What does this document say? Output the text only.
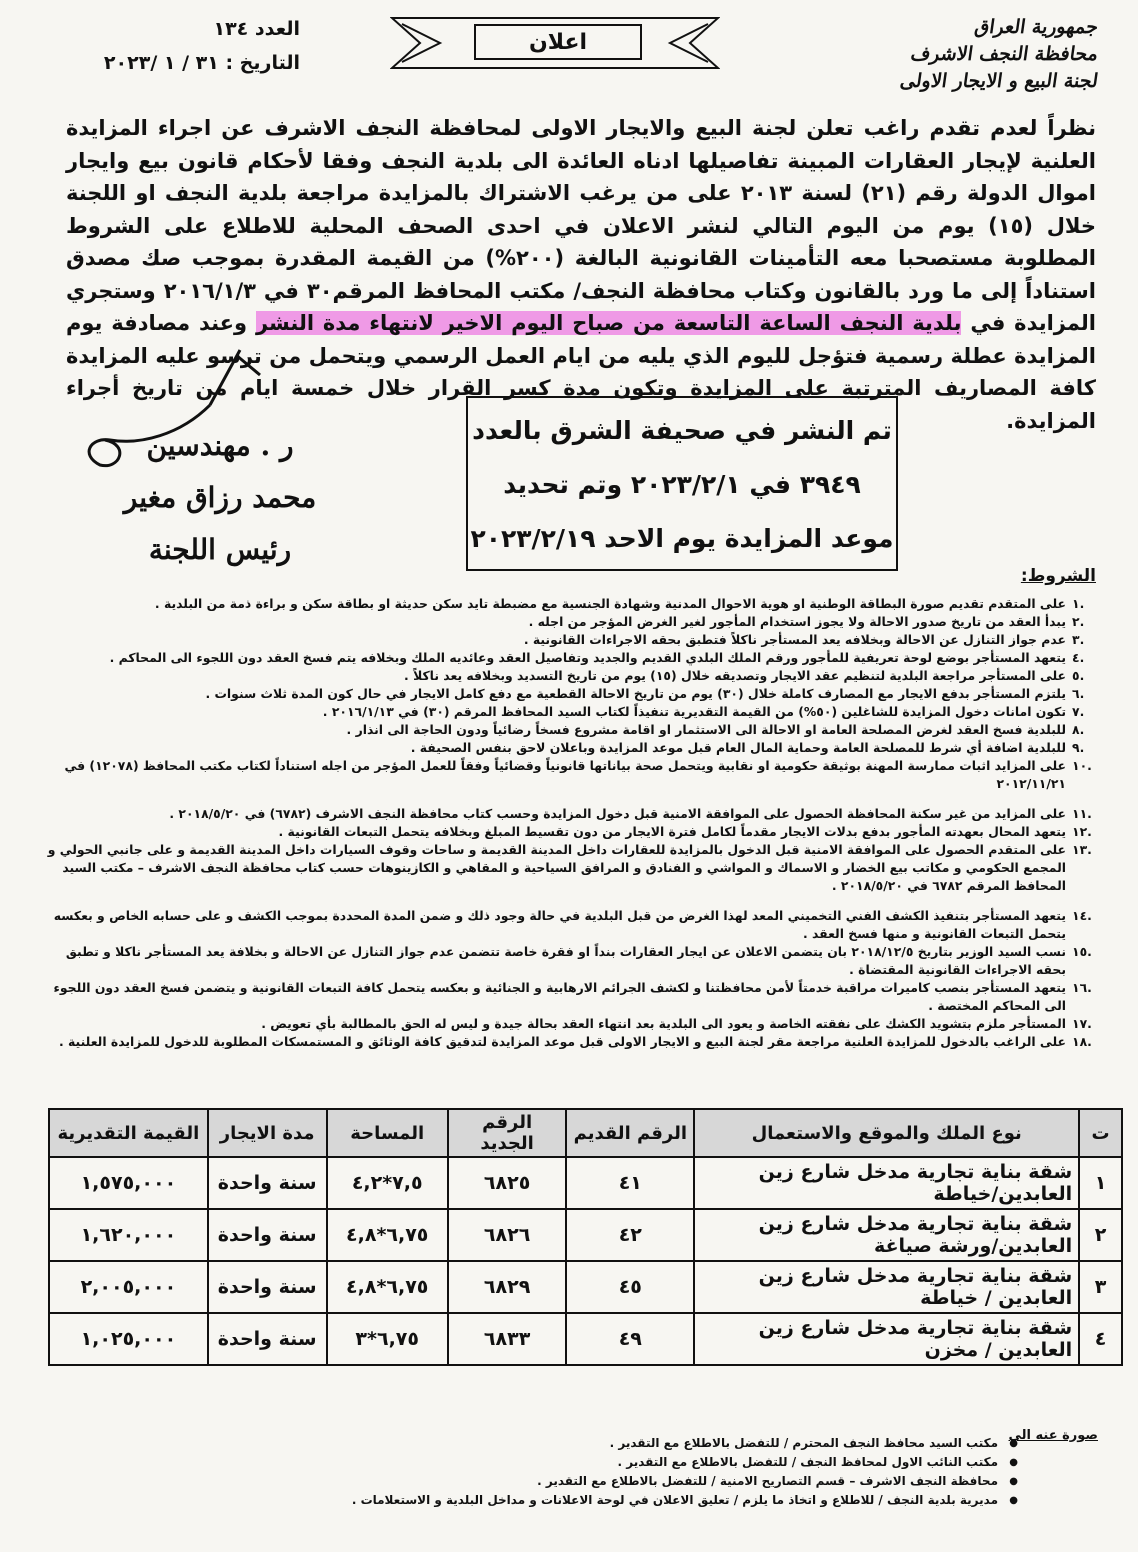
جمهورية العراق
محافظة النجف الاشرف
لجنة البيع و الايجار الاولى
العدد ١٣٤
التاريخ : ٣١ / ١ /٢٠٢٣
اعلان
نظراً لعدم تقدم راغب تعلن لجنة البيع والايجار الاولى لمحافظة النجف الاشرف عن اجراء المزايدة العلنية لإيجار العقارات المبينة تفاصيلها ادناه العائدة الى بلدية النجف وفقا لأحكام قانون بيع وايجار اموال الدولة رقم (٢١) لسنة ٢٠١٣ على من يرغب الاشتراك بالمزايدة مراجعة بلدية النجف او اللجنة خلال (١٥) يوم من اليوم التالي لنشر الاعلان في احدى الصحف المحلية للاطلاع على الشروط المطلوبة مستصحبا معه التأمينات القانونية البالغة (٢٠٠%) من القيمة المقدرة بموجب صك مصدق استناداً إلى ما ورد بالقانون وكتاب محافظة النجف/ مكتب المحافظ المرقم٣٠ في ٢٠١٦/١/٣ وستجري المزايدة في بلدية النجف الساعة التاسعة من صباح اليوم الاخير لانتهاء مدة النشر وعند مصادفة يوم المزايدة عطلة رسمية فتؤجل لليوم الذي يليه من ايام العمل الرسمي ويتحمل من ترسو عليه المزايدة كافة المصاريف المترتبة على المزايدة وتكون مدة كسر القرار خلال خمسة ايام من تاريخ أجراء المزايدة.
ر . مهندسين
محمد رزاق مغير
رئيس اللجنة
تم النشر في صحيفة الشرق بالعدد
٣٩٤٩ في ٢٠٢٣/٢/١ وتم تحديد
موعد المزايدة يوم الاحد ٢٠٢٣/٢/١٩
الشروط:
١.
على المتقدم تقديم صورة البطاقة الوطنية او هوية الاحوال المدنية وشهادة الجنسية مع مضبطة تايد سكن حديثة او بطاقة سكن و براءة ذمة من البلدية .
٢.
يبدأ العقد من تاريخ صدور الاحالة ولا يجوز استخدام المأجور لغير الغرض المؤجر من اجله .
٣.
عدم جواز التنازل عن الاحالة وبخلافه يعد المستأجر ناكلاً فتطبق بحقه الاجراءات القانونية .
٤.
يتعهد المستأجر بوضع لوحة تعريفية للمأجور ورقم الملك البلدي القديم والجديد وتفاصيل العقد وعائديه الملك وبخلافه يتم فسخ العقد دون اللجوء الى المحاكم .
٥.
على المستأجر مراجعة البلدية لتنظيم عقد الايجار وتصديقه خلال (١٥) يوم من تاريخ التسديد وبخلافه يعد ناكلاً .
٦.
يلتزم المستأجر بدفع الايجار مع المصارف كاملة خلال (٣٠) يوم من تاريخ الاحالة القطعية مع دفع كامل الايجار في حال كون المدة ثلاث سنوات .
٧.
تكون امانات دخول المزايدة للشاغلين (٥٠%) من القيمة التقديرية تنفيذاً لكتاب السيد المحافظ المرقم (٣٠) في ٢٠١٦/١/١٣ .
٨.
للبلدية فسخ العقد لغرض المصلحة العامة او الاحالة الى الاستثمار او اقامة مشروع فسخاً رضائياً ودون الحاجة الى انذار .
٩.
للبلدية اضافة أي شرط للمصلحة العامة وحماية المال العام قبل موعد المزايدة وباعلان لاحق بنفس الصحيفة .
١٠.
على المزايد اثبات ممارسة المهنة بوثيقة حكومية او نقابية ويتحمل صحة بياناتها قانونياً وقضائياً وفقاً للعمل المؤجر من اجله استناداً لكتاب مكتب المحافظ (١٢٠٧٨) في ٢٠١٢/١١/٢١
١١.
على المزايد من غير سكنة المحافظة الحصول على الموافقة الامنية قبل دخول المزايدة وحسب كتاب محافظة النجف الاشرف (٦٧٨٢) في ٢٠١٨/٥/٢٠ .
١٢.
يتعهد المحال بعهدته المأجور بدفع بدلات الايجار مقدماً لكامل فترة الايجار من دون تقسيط المبلغ وبخلافه يتحمل التبعات القانونية .
١٣.
على المتقدم الحصول على الموافقة الامنية قبل الدخول بالمزايدة للعقارات داخل المدينة القديمة و ساحات وقوف السيارات داخل المدينة القديمة و على جانبي الحولي و المجمع الحكومي و مكاتب بيع الخضار و الاسماك و المواشي و الفنادق و المرافق السياحية و المقاهي و الكازينوهات حسب كتاب محافظة النجف الاشرف – مكتب السيد المحافظ المرقم ٦٧٨٢ في ٢٠١٨/٥/٢٠ .
١٤.
يتعهد المستأجر بتنفيذ الكشف الفني التخميني المعد لهذا الغرض من قبل البلدية في حالة وجود ذلك و ضمن المدة المحددة بموجب الكشف و على حسابه الخاص و بعكسه يتحمل التبعات القانونية و منها فسخ العقد .
١٥.
نسب السيد الوزير بتاريخ ٢٠١٨/١٢/٥ بان يتضمن الاعلان عن ايجار العقارات بنداً او فقرة خاصة تتضمن عدم جواز التنازل عن الاحالة و بخلافة يعد المستأجر ناكلا و تطبق بحقه الاجراءات القانونية المقتضاة .
١٦.
يتعهد المستأجر بنصب كاميرات مراقبة خدمتاً لأمن محافظتنا و لكشف الجرائم الارهابية و الجنائية و بعكسه يتحمل كافة التبعات القانونية و يتضمن فسخ العقد دون اللجوء الى المحاكم المختصة .
١٧.
المستأجر ملزم بتشويد الكشك على نفقته الخاصة و يعود الى البلدية بعد انتهاء العقد بحالة جيدة و ليس له الحق بالمطالبة بأي تعويض .
١٨.
على الراغب بالدخول للمزايدة العلنية مراجعة مقر لجنة البيع و الايجار الاولى قبل موعد المزايدة لتدقيق كافة الوثائق و المستمسكات المطلوبة للدخول للمزايدة العلنية .
ت	نوع الملك والموقع والاستعمال	الرقم القديم	الرقم الجديد	المساحة	مدة الايجار	القيمة التقديرية
١	شقة بناية تجارية مدخل شارع زين العابدين/خياطة	٤١	٦٨٢٥	٧,٥*٤,٢	سنة واحدة	١,٥٧٥,٠٠٠
٢	شقة بناية تجارية مدخل شارع زين العابدين/ورشة صياغة	٤٢	٦٨٢٦	٦,٧٥*٤,٨	سنة واحدة	١,٦٢٠,٠٠٠
٣	شقة بناية تجارية مدخل شارع زين العابدين / خياطة	٤٥	٦٨٢٩	٦,٧٥*٤,٨	سنة واحدة	٢,٠٠٥,٠٠٠
٤	شقة بناية تجارية مدخل شارع زين العابدين / مخزن	٤٩	٦٨٣٣	٦,٧٥*٣	سنة واحدة	١,٠٢٥,٠٠٠
صورة عنه الى
● مكتب السيد محافظ النجف المحترم / للتفضل بالاطلاع مع التقدير .
● مكتب النائب الاول لمحافظ النجف / للتفضل بالاطلاع مع التقدير .
● محافظة النجف الاشرف – قسم التصاريح الامنية / للتفضل بالاطلاع مع التقدير .
● مديرية بلدية النجف / للاطلاع و اتخاذ ما يلزم / تعليق الاعلان في لوحة الاعلانات و مداخل البلدية و الاستعلامات .
